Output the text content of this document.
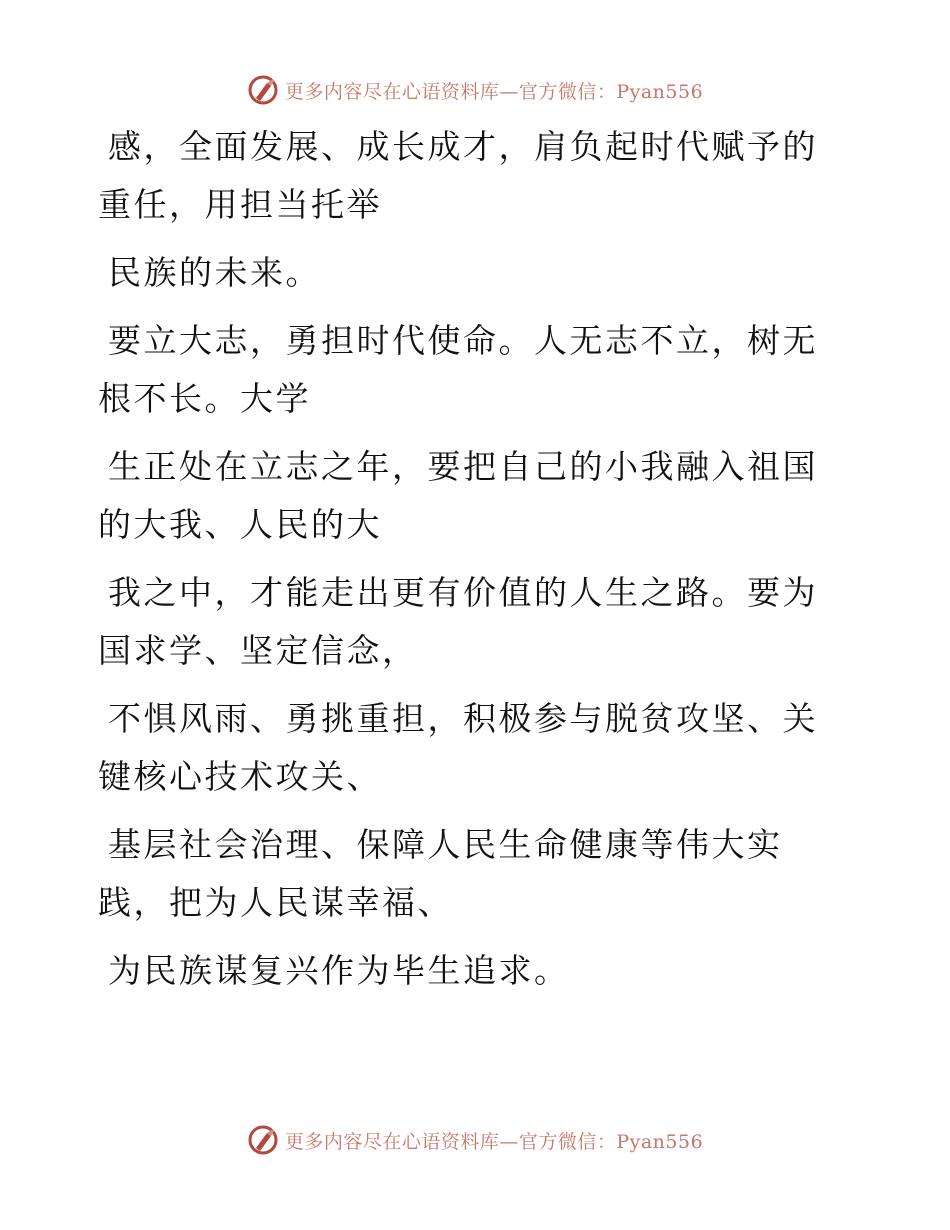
更多内容尽在心语资料库—官方微信：Pyan556

感，全面发展、成长成才，肩负起时代赋予的重任，用担当托举

民族的未来。

要立大志，勇担时代使命。人无志不立，树无根不长。大学

生正处在立志之年，要把自己的小我融入祖国的大我、人民的大

我之中，才能走出更有价值的人生之路。要为国求学、坚定信念，

不惧风雨、勇挑重担，积极参与脱贫攻坚、关键核心技术攻关、

基层社会治理、保障人民生命健康等伟大实践，把为人民谋幸福、

为民族谋复兴作为毕生追求。

更多内容尽在心语资料库—官方微信：Pyan556
